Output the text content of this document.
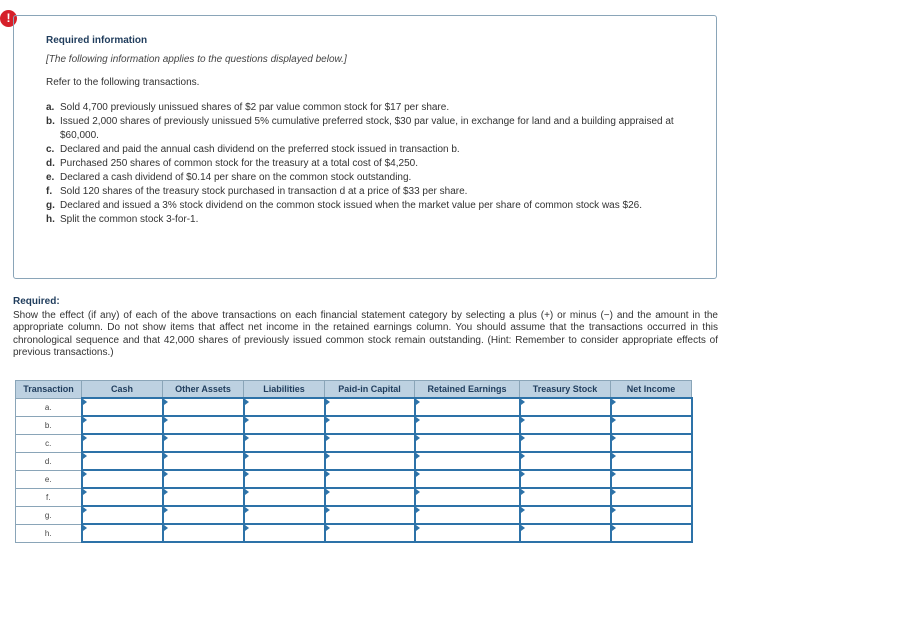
!
Required information
[The following information applies to the questions displayed below.]
Refer to the following transactions.
a. Sold 4,700 previously unissued shares of $2 par value common stock for $17 per share.
b. Issued 2,000 shares of previously unissued 5% cumulative preferred stock, $30 par value, in exchange for land and a building appraised at $60,000.
c. Declared and paid the annual cash dividend on the preferred stock issued in transaction b.
d. Purchased 250 shares of common stock for the treasury at a total cost of $4,250.
e. Declared a cash dividend of $0.14 per share on the common stock outstanding.
f. Sold 120 shares of the treasury stock purchased in transaction d at a price of $33 per share.
g. Declared and issued a 3% stock dividend on the common stock issued when the market value per share of common stock was $26.
h. Split the common stock 3-for-1.
Required:
Show the effect (if any) of each of the above transactions on each financial statement category by selecting a plus (+) or minus (−) and the amount in the appropriate column. Do not show items that affect net income in the retained earnings column. You should assume that the transactions occurred in this chronological sequence and that 42,000 shares of previously issued common stock remain outstanding. (Hint: Remember to consider appropriate effects of previous transactions.)
Transaction	Cash	Other Assets	Liabilities	Paid-in Capital	Retained Earnings	Treasury Stock	Net Income
a.	

b.	

c.	

d.	

e.	

f.	

g.	

h.	
